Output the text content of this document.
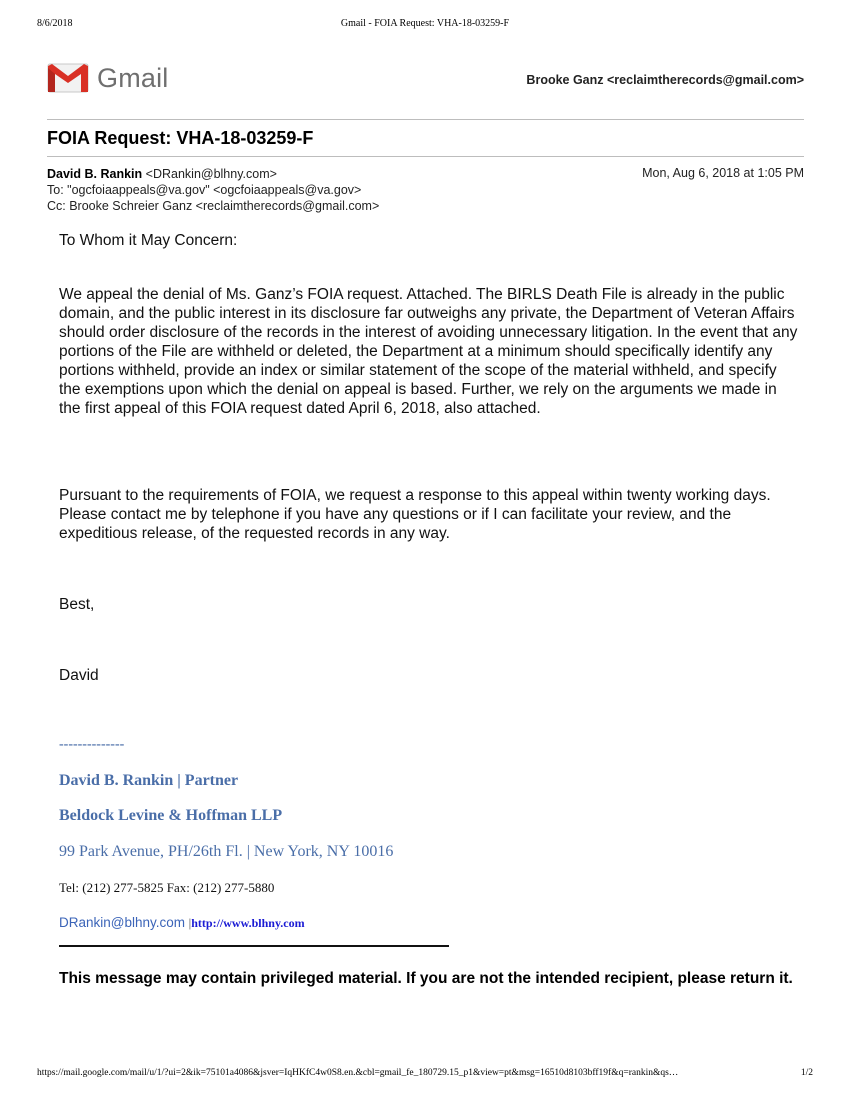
8/6/2018	Gmail - FOIA Request: VHA-18-03259-F
Gmail	Brooke Ganz <reclaimtherecords@gmail.com>
FOIA Request: VHA-18-03259-F
David B. Rankin <DRankin@blhny.com>	Mon, Aug 6, 2018 at 1:05 PM
To: "ogcfoiaappeals@va.gov" <ogcfoiaappeals@va.gov>
Cc: Brooke Schreier Ganz <reclaimtherecords@gmail.com>
To Whom it May Concern:
We appeal the denial of Ms. Ganz’s FOIA request. Attached. The BIRLS Death File is already in the public domain, and the public interest in its disclosure far outweighs any private, the Department of Veteran Affairs should order disclosure of the records in the interest of avoiding unnecessary litigation. In the event that any portions of the File are withheld or deleted, the Department at a minimum should specifically identify any portions withheld, provide an index or similar statement of the scope of the material withheld, and specify the exemptions upon which the denial on appeal is based. Further, we rely on the arguments we made in the first appeal of this FOIA request dated April 6, 2018, also attached.
Pursuant to the requirements of FOIA, we request a response to this appeal within twenty working days. Please contact me by telephone if you have any questions or if I can facilitate your review, and the expeditious release, of the requested records in any way.
Best,
David
--------------
David B. Rankin | Partner
Beldock Levine & Hoffman LLP
99 Park Avenue, PH/26th Fl. | New York, NY 10016
Tel: (212) 277-5825 Fax: (212) 277-5880
DRankin@blhny.com |http://www.blhny.com
This message may contain privileged material. If you are not the intended recipient, please return it.
https://mail.google.com/mail/u/1/?ui=2&ik=75101a4086&jsver=IqHKfC4w0S8.en.&cbl=gmail_fe_180729.15_p1&view=pt&msg=16510d8103bff19f&q=rankin&qs…	1/2
